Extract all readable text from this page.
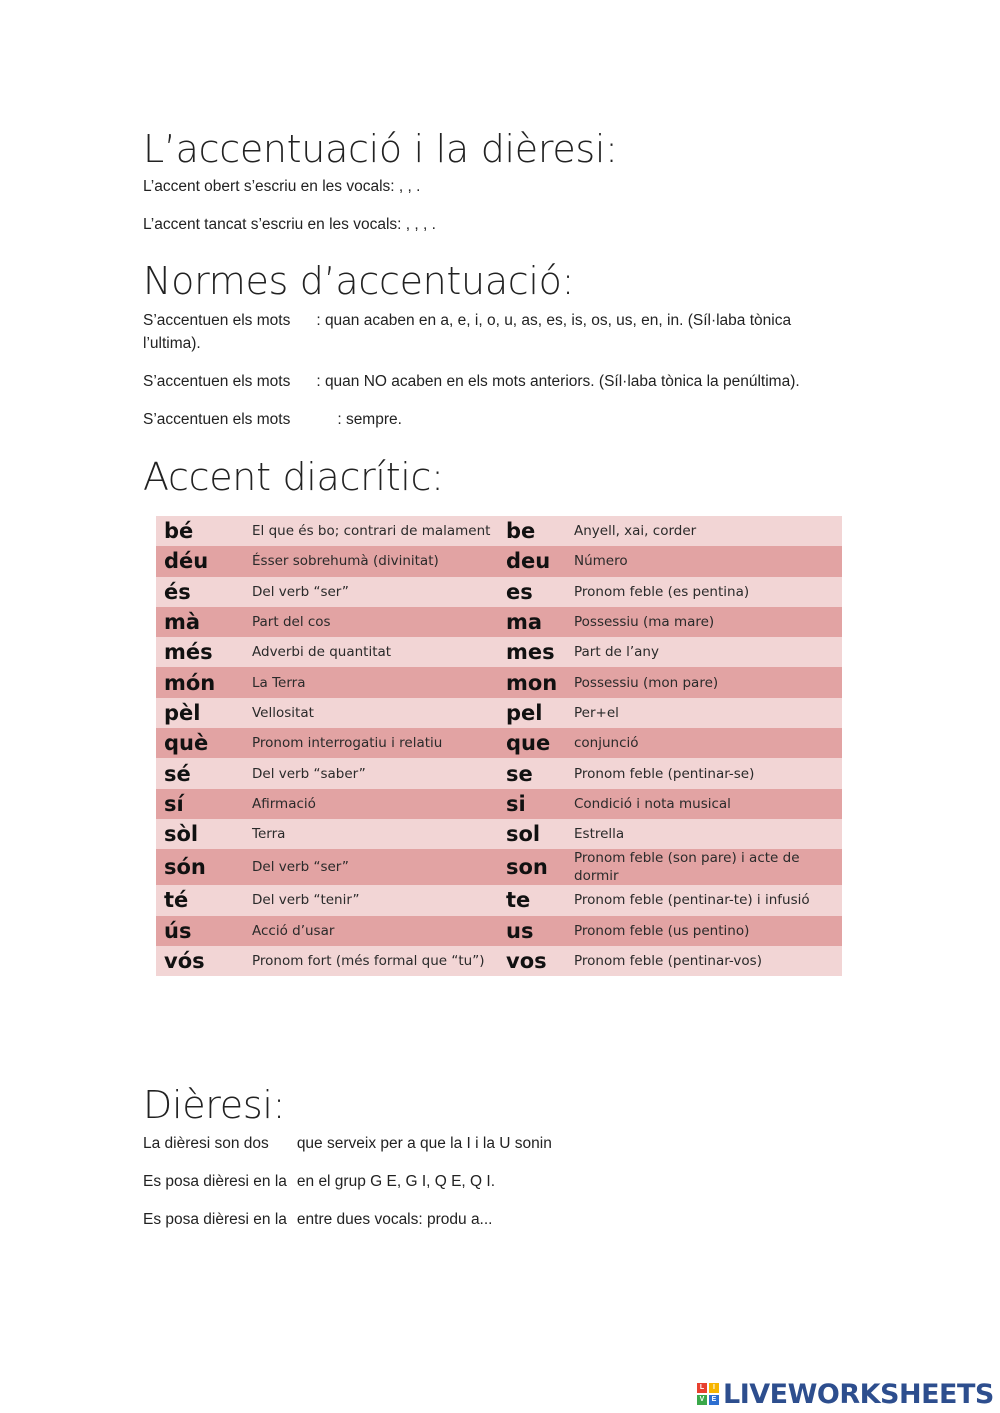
L’accentuació i la dièresi:

L’accent obert s’escriu en les vocals: , , .

L’accent tancat s’escriu en les vocals: , , , .

Normes d’accentuació:

S’accentuen els mots : quan acaben en a, e, i, o, u, as, es, is, os, us, en, in. (Síl·laba tònica

l’ultima).

S’accentuen els mots : quan NO acaben en els mots anteriors. (Síl·laba tònica la penúltima).

S’accentuen els mots	: sempre.

Accent diacrític:
bé	El que és bo; contrari de malament	be	Anyell, xai, corder
déu	Ésser sobrehumà (divinitat)	deu	Número
és	Del verb “ser”	es	Pronom feble (es pentina)
mà	Part del cos	ma	Possessiu (ma mare)
més	Adverbi de quantitat	mes	Part de l’any
món	La Terra	mon	Possessiu (mon pare)
pèl	Vellositat	pel	Per+el
què	Pronom interrogatiu i relatiu	que	conjunció
sé	Del verb “saber”	se	Pronom feble (pentinar-se)
sí	Afirmació	si	Condició i nota musical
sòl	Terra	sol	Estrella
són	Del verb “ser”	son	Pronom feble (son pare) i acte de dormir
té	Del verb “tenir”	te	Pronom feble (pentinar-te) i infusió
ús	Acció d’usar	us	Pronom feble (us pentino)
vós	Pronom fort (més formal que “tu”)	vos	Pronom feble (pentinar-vos)
Dièresi:

La dièresi son dos que serveix per a que la I i la U sonin

Es posa dièresi en la en el grup G E, G I, Q E, Q I.

Es posa dièresi en la entre dues vocals: produ a...

L	I
V	E LIVEWORKSHEETS
